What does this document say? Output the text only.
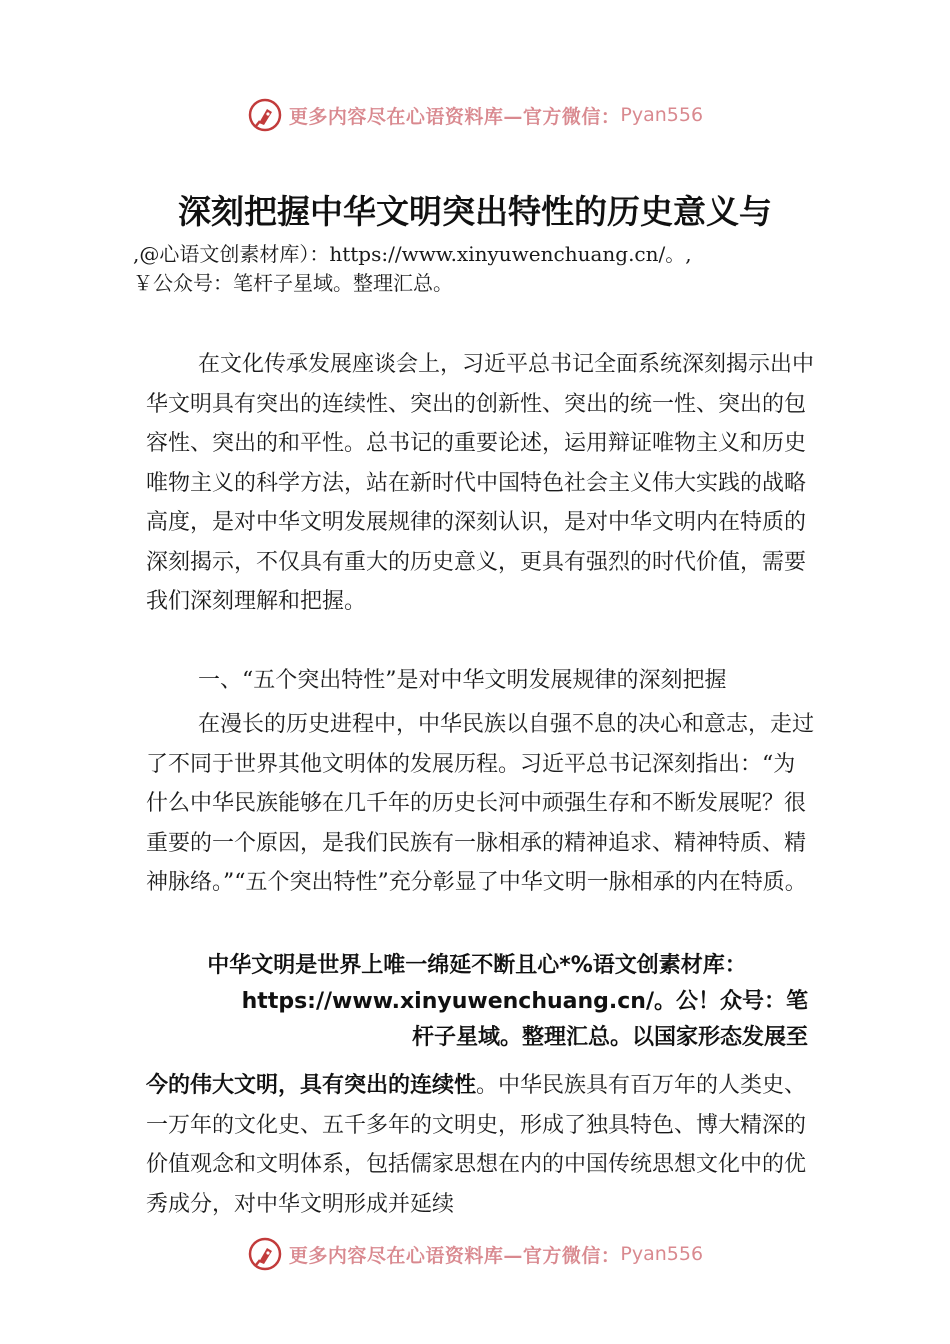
更多内容尽在心语资料库—官方微信： Pyan556
深刻把握中华文明突出特性的历史意义与

,@心语文创素材库）：https://www.xinyuwenchuang.cn/。,

￥公众号：笔杆子星域。整理汇总。

在文化传承发展座谈会上，习近平总书记全面系统深刻揭示出中华文明具有突出的连续性、突出的创新性、突出的统一性、突出的包容性、突出的和平性。总书记的重要论述，运用辩证唯物主义和历史唯物主义的科学方法，站在新时代中国特色社会主义伟大实践的战略高度，是对中华文明发展规律的深刻认识，是对中华文明内在特质的深刻揭示，不仅具有重大的历史意义，更具有强烈的时代价值，需要我们深刻理解和把握。

一、“五个突出特性”是对中华文明发展规律的深刻把握

在漫长的历史进程中，中华民族以自强不息的决心和意志，走过了不同于世界其他文明体的发展历程。习近平总书记深刻指出：“为什么中华民族能够在几千年的历史长河中顽强生存和不断发展呢？很重要的一个原因，是我们民族有一脉相承的精神追求、精神特质、精神脉络。”“五个突出特性”充分彰显了中华文明一脉相承的内在特质。

中华文明是世界上唯一绵延不断且心*%语文创素材库：
https://www.xinyuwenchuang.cn/。公！众号：笔
杆子星域。整理汇总。以国家形态发展至

今的伟大文明，具有突出的连续性。中华民族具有百万年的人类史、一万年的文化史、五千多年的文明史，形成了独具特色、博大精深的价值观念和文明体系，包括儒家思想在内的中国传统思想文化中的优秀成分，对中华文明形成并延续

更多内容尽在心语资料库—官方微信： Pyan556
